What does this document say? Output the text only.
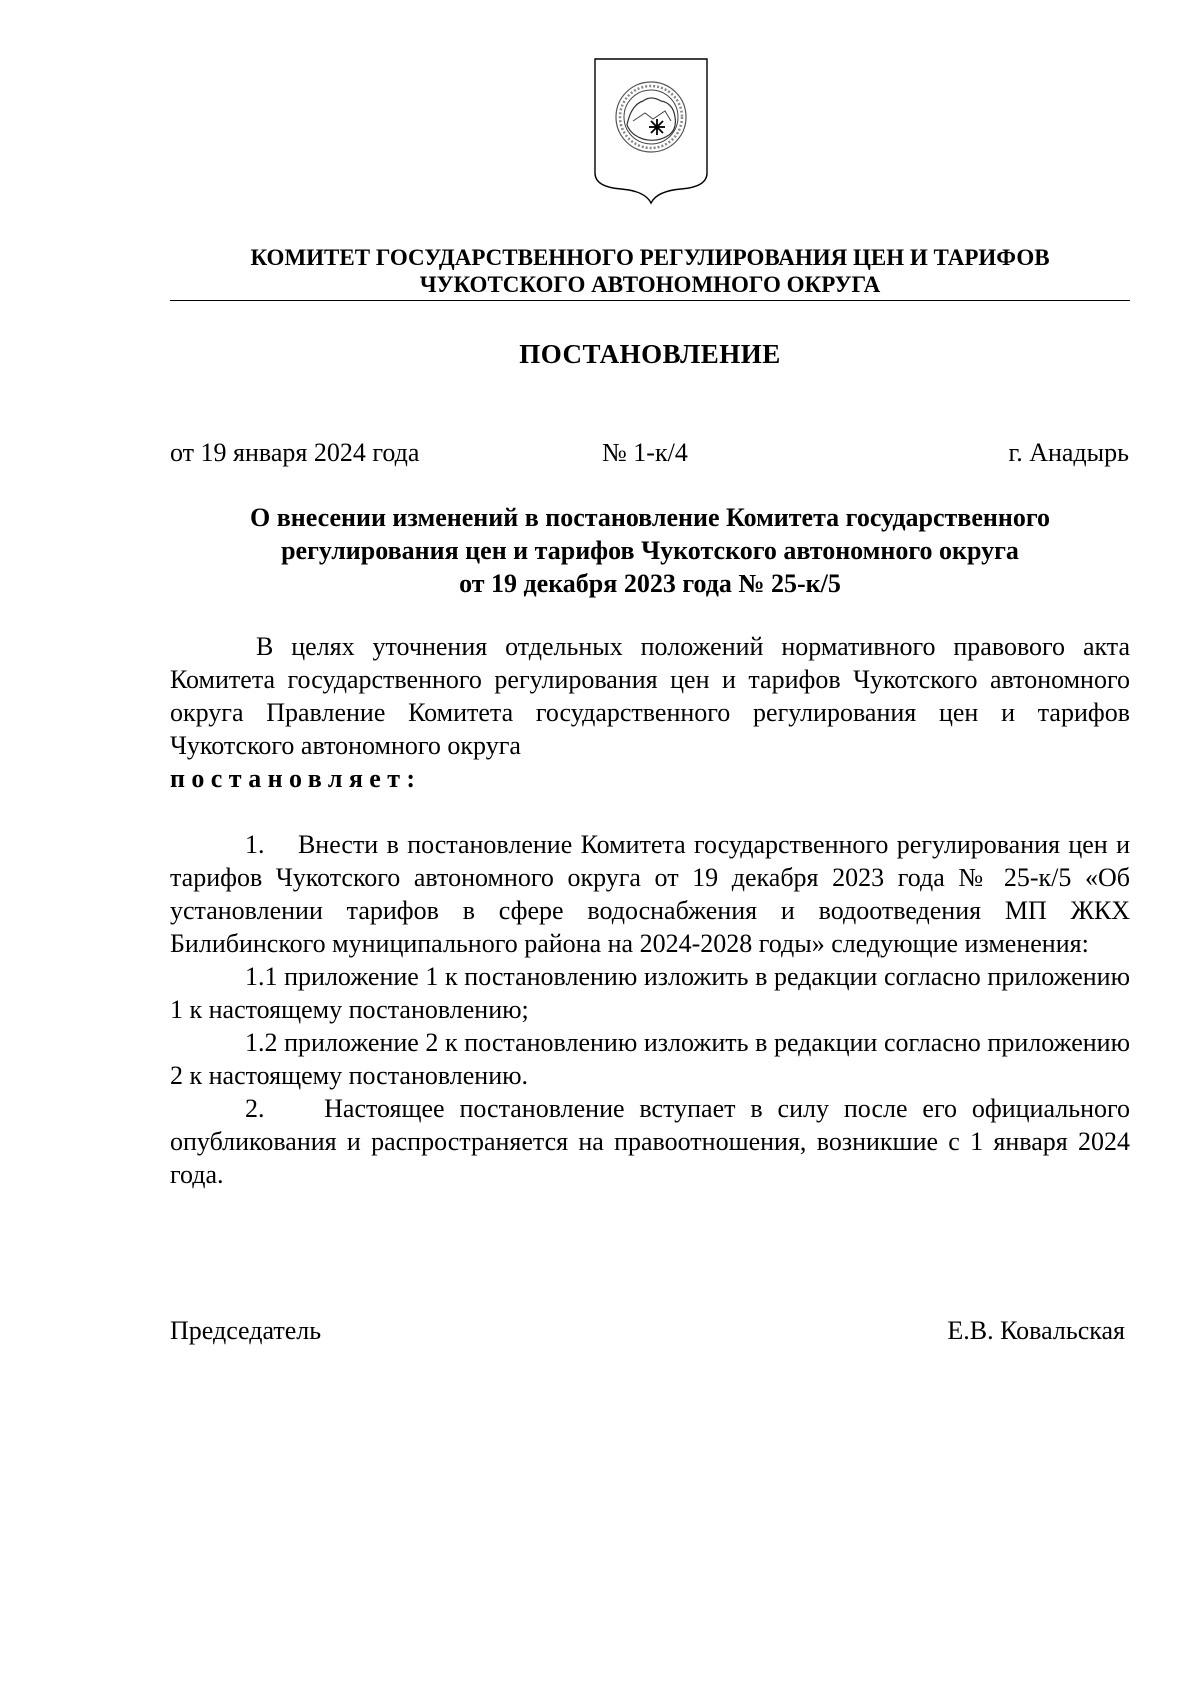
КОМИТЕТ ГОСУДАРСТВЕННОГО РЕГУЛИРОВАНИЯ ЦЕН И ТАРИФОВ
ЧУКОТСКОГО АВТОНОМНОГО ОКРУГА
ПОСТАНОВЛЕНИЕ
от 19 января 2024 года	№ 1-к/4	г. Анадырь
О внесении изменений в постановление Комитета государственного
регулирования цен и тарифов Чукотского автономного округа
от 19 декабря 2023 года № 25-к/5

В целях уточнения отдельных положений нормативного правового акта Комитета государственного регулирования цен и тарифов Чукотского автономного округа Правление Комитета государственного регулирования цен и тарифов Чукотского автономного округа

постановляет:

1.    Внести в постановление Комитета государственного регулирования цен и тарифов Чукотского автономного округа от 19 декабря 2023 года № 25-к/5 «Об установлении тарифов в сфере водоснабжения и водоотведения МП ЖКХ Билибинского муниципального района на 2024-2028 годы» следующие изменения:

1.1 приложение 1 к постановлению изложить в редакции согласно приложению 1 к настоящему постановлению;

1.2 приложение 2 к постановлению изложить в редакции согласно приложению 2 к настоящему постановлению.

2.    Настоящее постановление вступает в силу после его официального опубликования и распространяется на правоотношения, возникшие с 1 января 2024 года.

Председатель	Е.В. Ковальская
